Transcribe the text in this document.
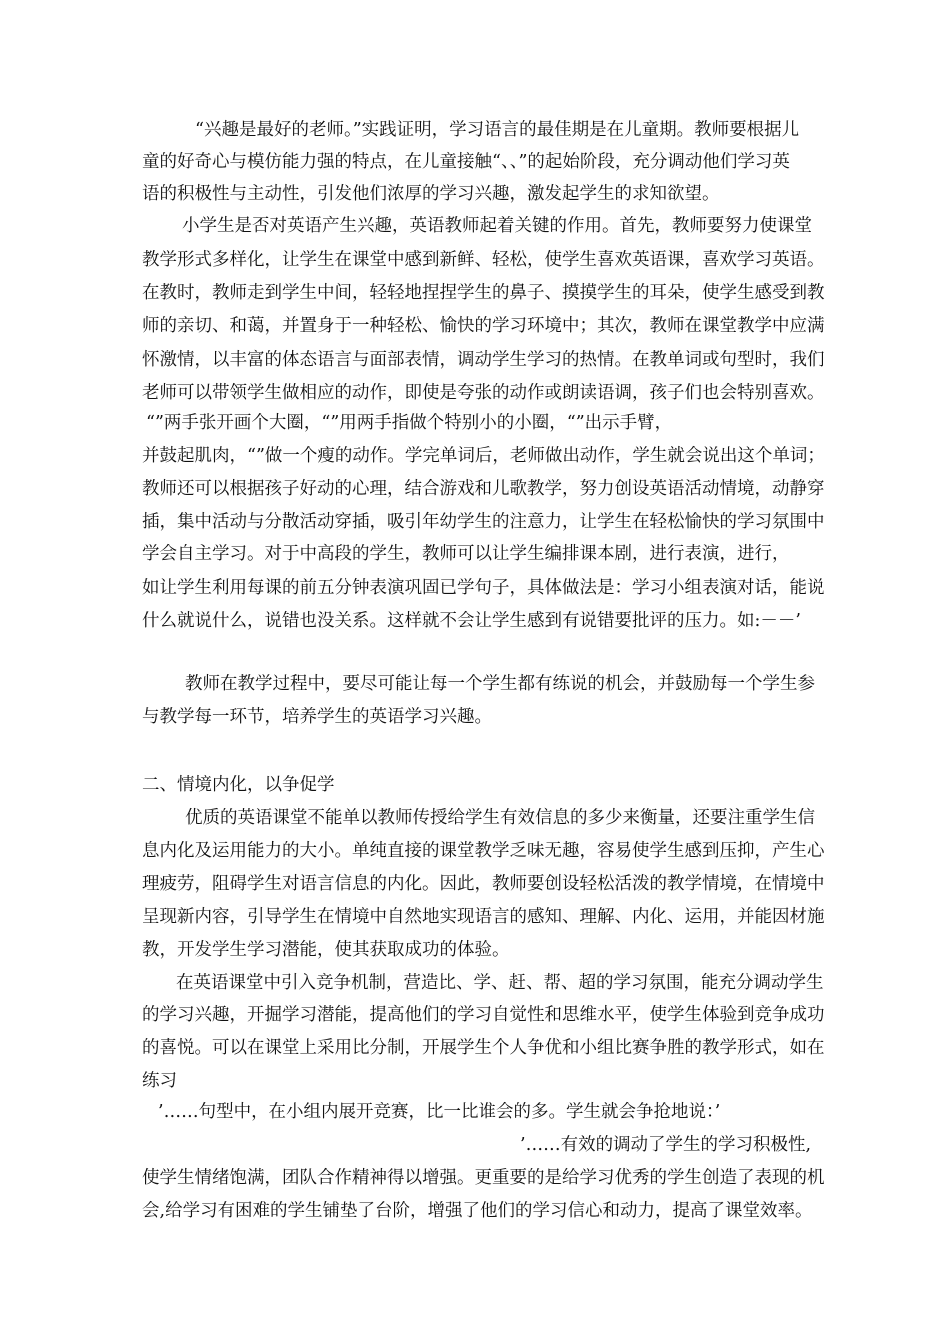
“兴趣是最好的老师。”实践证明，学习语言的最佳期是在儿童期。教师要根据儿
童的好奇心与模仿能力强的特点，在儿童接触“、、”的起始阶段，充分调动他们学习英
语的积极性与主动性，引发他们浓厚的学习兴趣，激发起学生的求知欲望。
小学生是否对英语产生兴趣，英语教师起着关键的作用。首先，教师要努力使课堂
教学形式多样化，让学生在课堂中感到新鲜、轻松，使学生喜欢英语课，喜欢学习英语。
在教时，教师走到学生中间，轻轻地捏捏学生的鼻子、摸摸学生的耳朵，使学生感受到教
师的亲切、和蔼，并置身于一种轻松、愉快的学习环境中；其次，教师在课堂教学中应满
怀激情，以丰富的体态语言与面部表情，调动学生学习的热情。在教单词或句型时，我们
老师可以带领学生做相应的动作，即使是夸张的动作或朗读语调，孩子们也会特别喜欢。
“”两手张开画个大圈，“”用两手指做个特别小的小圈，“”出示手臂，
并鼓起肌肉，“”做一个瘦的动作。学完单词后，老师做出动作，学生就会说出这个单词；
教师还可以根据孩子好动的心理，结合游戏和儿歌教学，努力创设英语活动情境，动静穿
插，集中活动与分散活动穿插，吸引年幼学生的注意力，让学生在轻松愉快的学习氛围中
学会自主学习。对于中高段的学生，教师可以让学生编排课本剧，进行表演，进行，
如让学生利用每课的前五分钟表演巩固已学句子，具体做法是：学习小组表演对话，能说
什么就说什么，说错也没关系。这样就不会让学生感到有说错要批评的压力。如:－－’
教师在教学过程中，要尽可能让每一个学生都有练说的机会，并鼓励每一个学生参
与教学每一环节，培养学生的英语学习兴趣。
二、情境内化，以争促学
优质的英语课堂不能单以教师传授给学生有效信息的多少来衡量，还要注重学生信
息内化及运用能力的大小。单纯直接的课堂教学乏味无趣，容易使学生感到压抑，产生心
理疲劳，阻碍学生对语言信息的内化。因此，教师要创设轻松活泼的教学情境，在情境中
呈现新内容，引导学生在情境中自然地实现语言的感知、理解、内化、运用，并能因材施
教，开发学生学习潜能，使其获取成功的体验。
在英语课堂中引入竞争机制，营造比、学、赶、帮、超的学习氛围，能充分调动学生
的学习兴趣，开掘学习潜能，提高他们的学习自觉性和思维水平，使学生体验到竞争成功
的喜悦。可以在课堂上采用比分制，开展学生个人争优和小组比赛争胜的教学形式，如在
练习
’……句型中，在小组内展开竞赛，比一比谁会的多。学生就会争抢地说：’
’……有效的调动了学生的学习积极性,
使学生情绪饱满，团队合作精神得以增强。更重要的是给学习优秀的学生创造了表现的机
会,给学习有困难的学生铺垫了台阶，增强了他们的学习信心和动力，提高了课堂效率。
